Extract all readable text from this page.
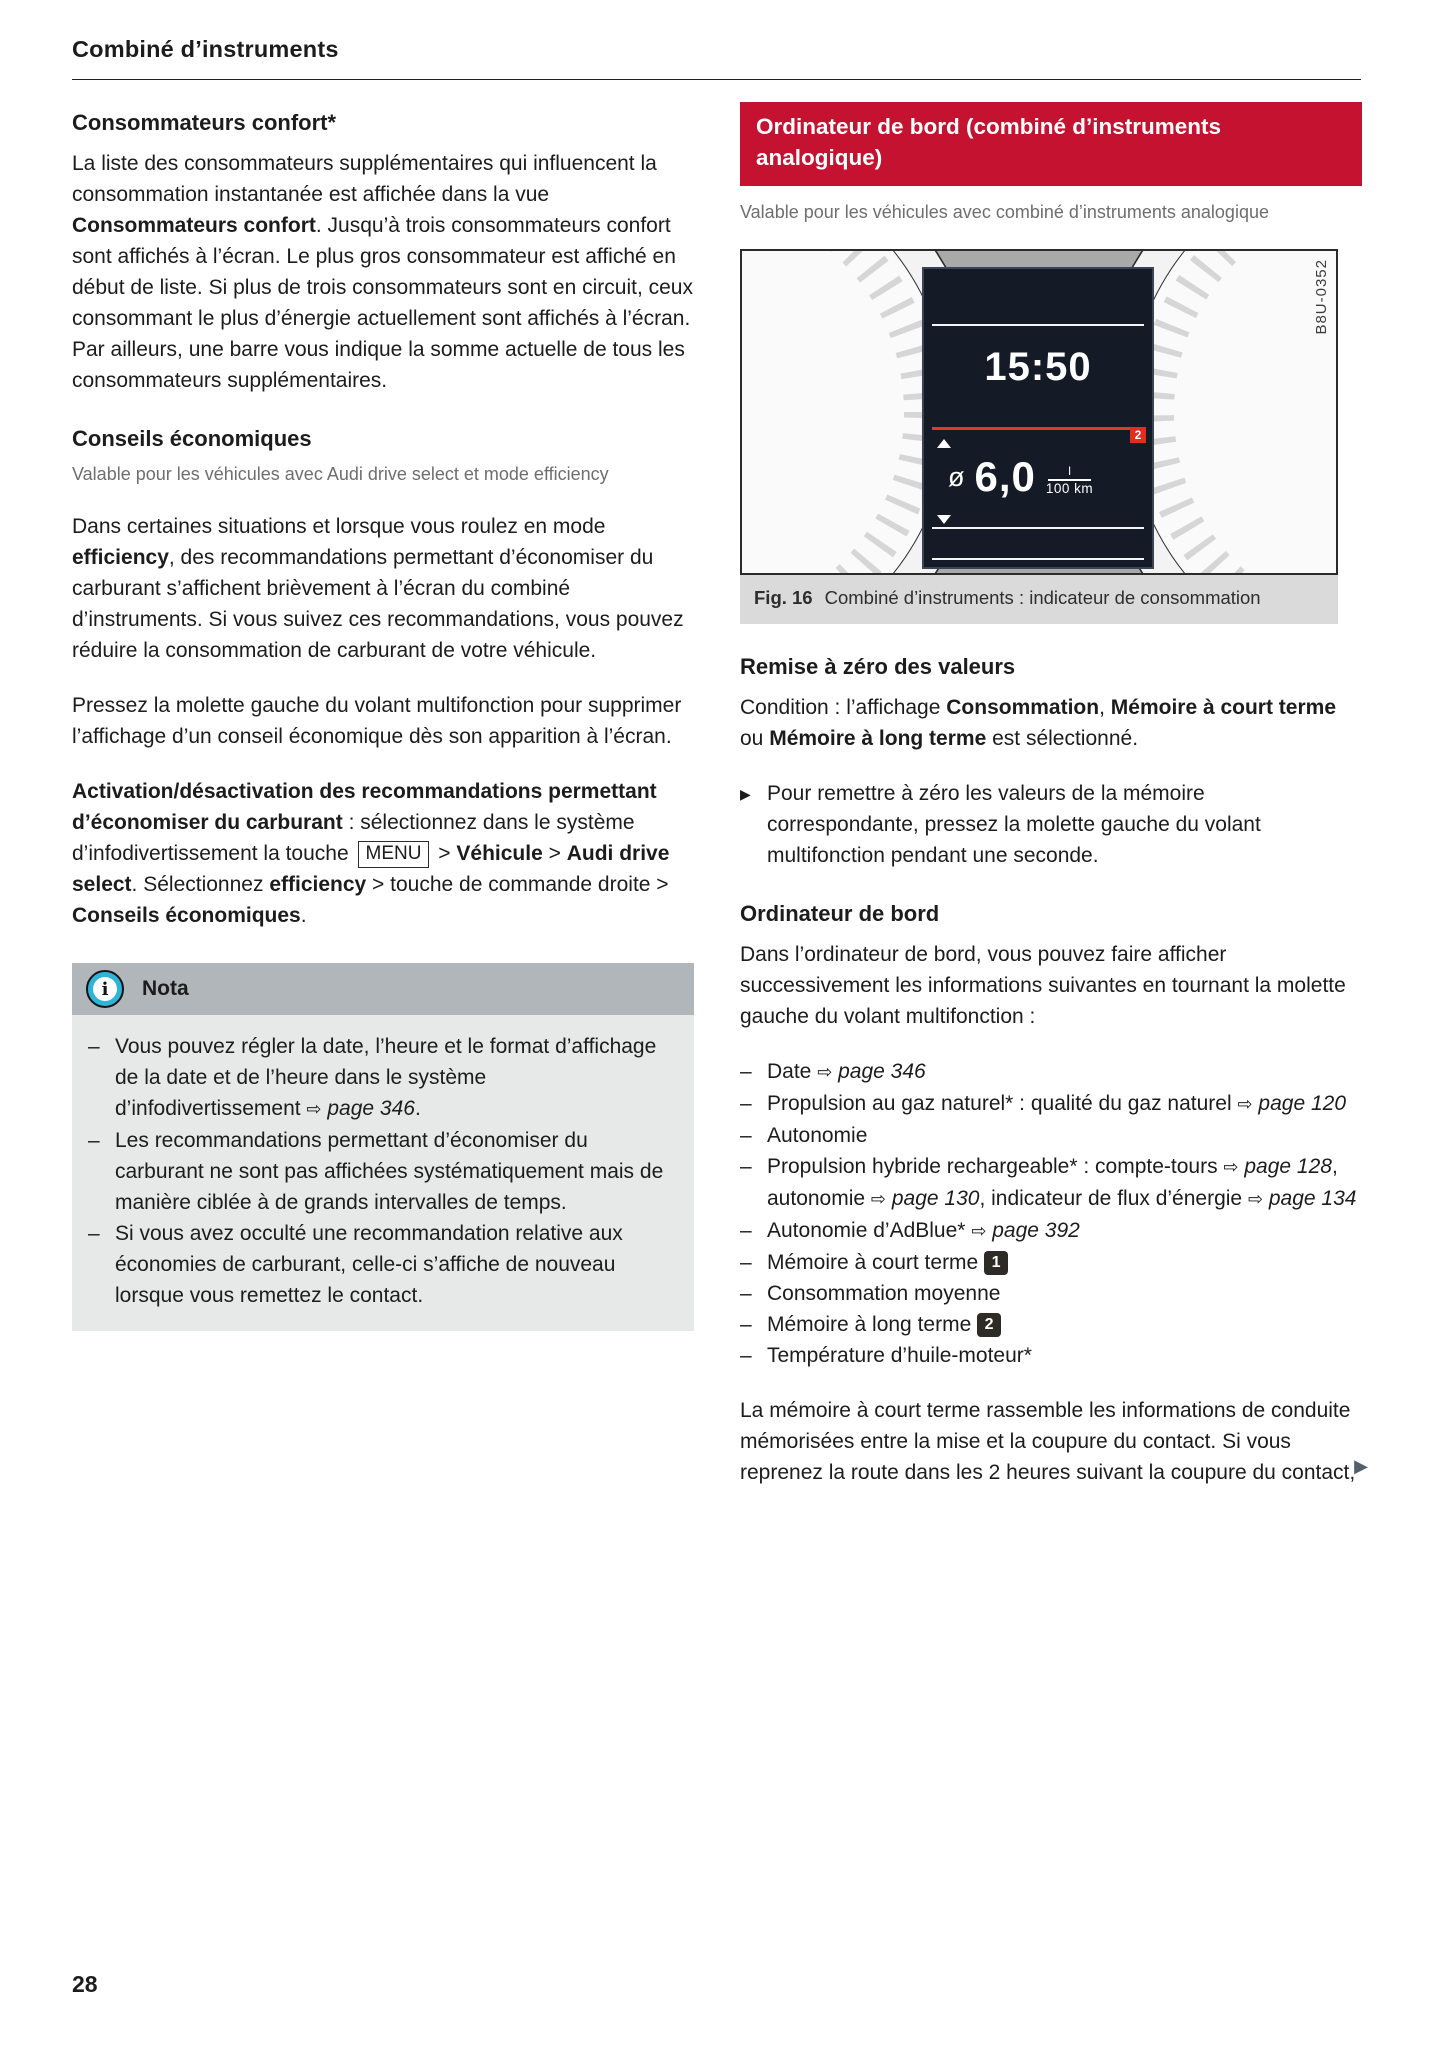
Combiné d’instruments
Consommateurs confort*

La liste des consommateurs supplémentaires qui influencent la consommation instantanée est affichée dans la vue Consommateurs confort. Jusqu’à trois consommateurs confort sont affichés à l’écran. Le plus gros consommateur est affiché en début de liste. Si plus de trois consommateurs sont en circuit, ceux consommant le plus d’énergie actuellement sont affichés à l’écran. Par ailleurs, une barre vous indique la somme actuelle de tous les consommateurs supplémentaires.

Conseils économiques

Valable pour les véhicules avec Audi drive select et mode efficiency

Dans certaines situations et lorsque vous roulez en mode efficiency, des recommandations permettant d’économiser du carburant s’affichent brièvement à l’écran du combiné d’instruments. Si vous suivez ces recommandations, vous pouvez réduire la consommation de carburant de votre véhicule.

Pressez la molette gauche du volant multifonction pour supprimer l’affichage d’un conseil économique dès son apparition à l’écran.

Activation/désactivation des recommandations permettant d’économiser du carburant : sélectionnez dans le système d’infodivertissement la touche MENU > Véhicule > Audi drive select. Sélectionnez efficiency > touche de commande droite > Conseils économiques.

i	Nota
– Vous pouvez régler la date, l’heure et le format d’affichage de la date et de l’heure dans le système d’infodivertissement ⇨ page 346.
– Les recommandations permettant d’économiser du carburant ne sont pas affichées systématiquement mais de manière ciblée à de grands intervalles de temps.
– Si vous avez occulté une recommandation relative aux économies de carburant, celle-ci s’affiche de nouveau lorsque vous remettez le contact.
Ordinateur de bord (combiné d’instruments analogique)

Valable pour les véhicules avec combiné d’instruments analogique

B8U-0352
15:50
2
ø $6,0 \frac{l}{100 km}$
Fig. 16 Combiné d’instruments : indicateur de consommation
Remise à zéro des valeurs

Condition : l’affichage Consommation, Mémoire à court terme ou Mémoire à long terme est sélectionné.

▶ Pour remettre à zéro les valeurs de la mémoire correspondante, pressez la molette gauche du volant multifonction pendant une seconde.
Ordinateur de bord

Dans l’ordinateur de bord, vous pouvez faire afficher successivement les informations suivantes en tournant la molette gauche du volant multifonction :

– Date ⇨ page 346
– Propulsion au gaz naturel* : qualité du gaz naturel ⇨ page 120
– Autonomie
– Propulsion hybride rechargeable* : compte-tours ⇨ page 128, autonomie ⇨ page 130, indicateur de flux d’énergie ⇨ page 134
– Autonomie d’AdBlue* ⇨ page 392
– Mémoire à court terme 1
– Consommation moyenne
– Mémoire à long terme 2
– Température d’huile-moteur*

La mémoire à court terme rassemble les informations de conduite mémorisées entre la mise et la coupure du contact. Si vous reprenez la route dans les 2 heures suivant la coupure du contact,
▶

28
